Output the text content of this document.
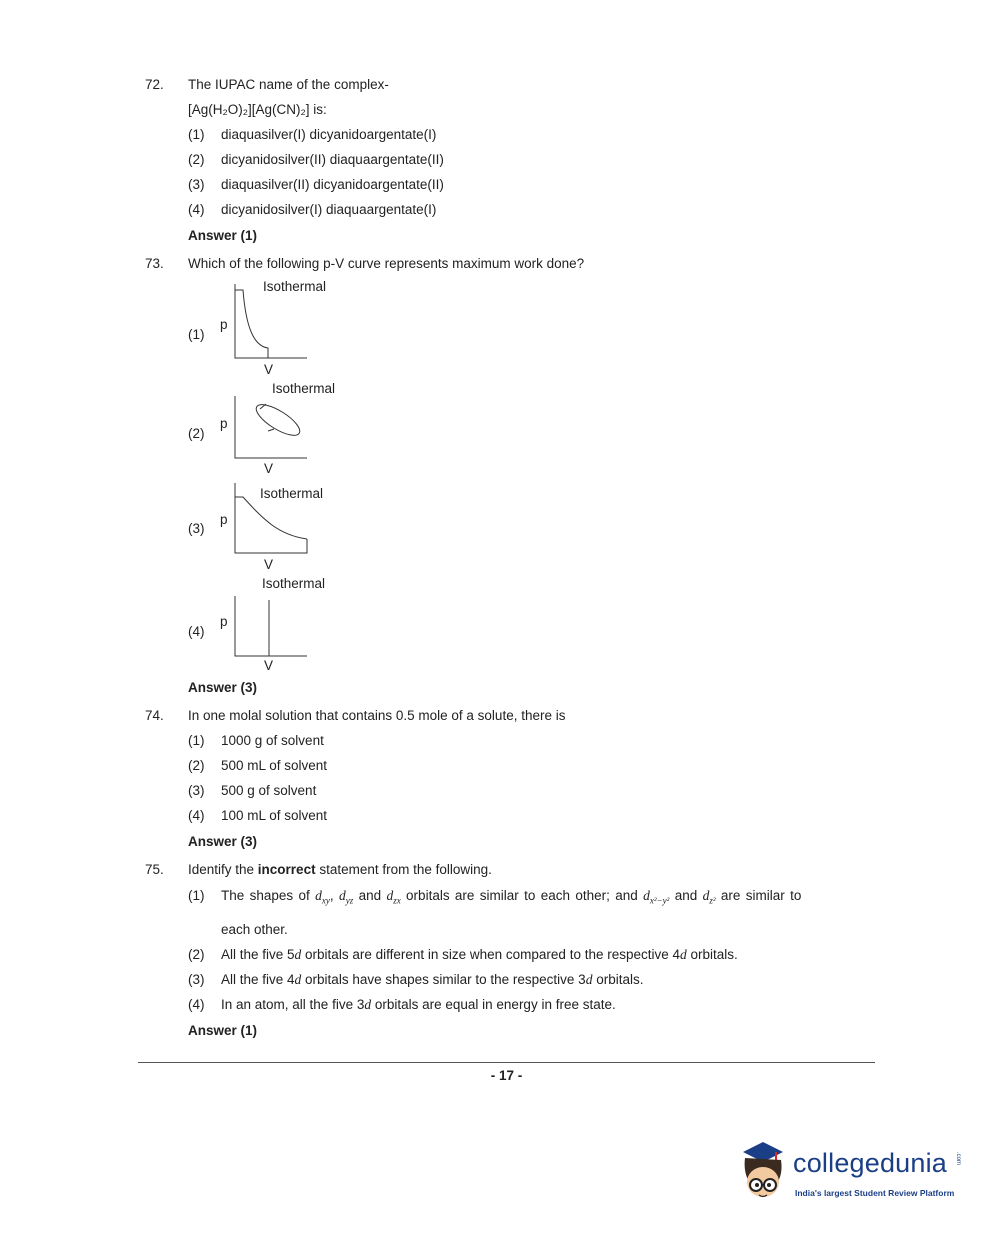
72. The IUPAC name of the complex-
[Ag(H₂O)₂][Ag(CN)₂] is:
(1) diaquasilver(I) dicyanidoargentate(I)
(2) dicyanidosilver(II) diaquaargentate(II)
(3) diaquasilver(II) dicyanidoargentate(II)
(4) dicyanidosilver(I) diaquaargentate(I)
Answer (1)
73. Which of the following p-V curve represents maximum work done?
Isothermal
(1)
p
V
Isothermal
(2)
p
V
Isothermal
(3)
p
V
Isothermal
(4)
p
V
Answer (3)
74. In one molal solution that contains 0.5 mole of a solute, there is
(1) 1000 g of solvent
(2) 500 mL of solvent
(3) 500 g of solvent
(4) 100 mL of solvent
Answer (3)
75. Identify the incorrect statement from the following.
(1) The shapes of $d_{xy}$, $d_{yz}$ and $d_{zx}$ orbitals are similar to each other; and $d_{x^2-y^2}$ and $d_{z^2}$ are similar to
each other.
(2) All the five 5d orbitals are different in size when compared to the respective 4d orbitals.
(3) All the five 4d orbitals have shapes similar to the respective 3d orbitals.
(4) In an atom, all the five 3d orbitals are equal in energy in free state.
Answer (1)
- 17 -
collegedunia .com
India's largest Student Review Platform
